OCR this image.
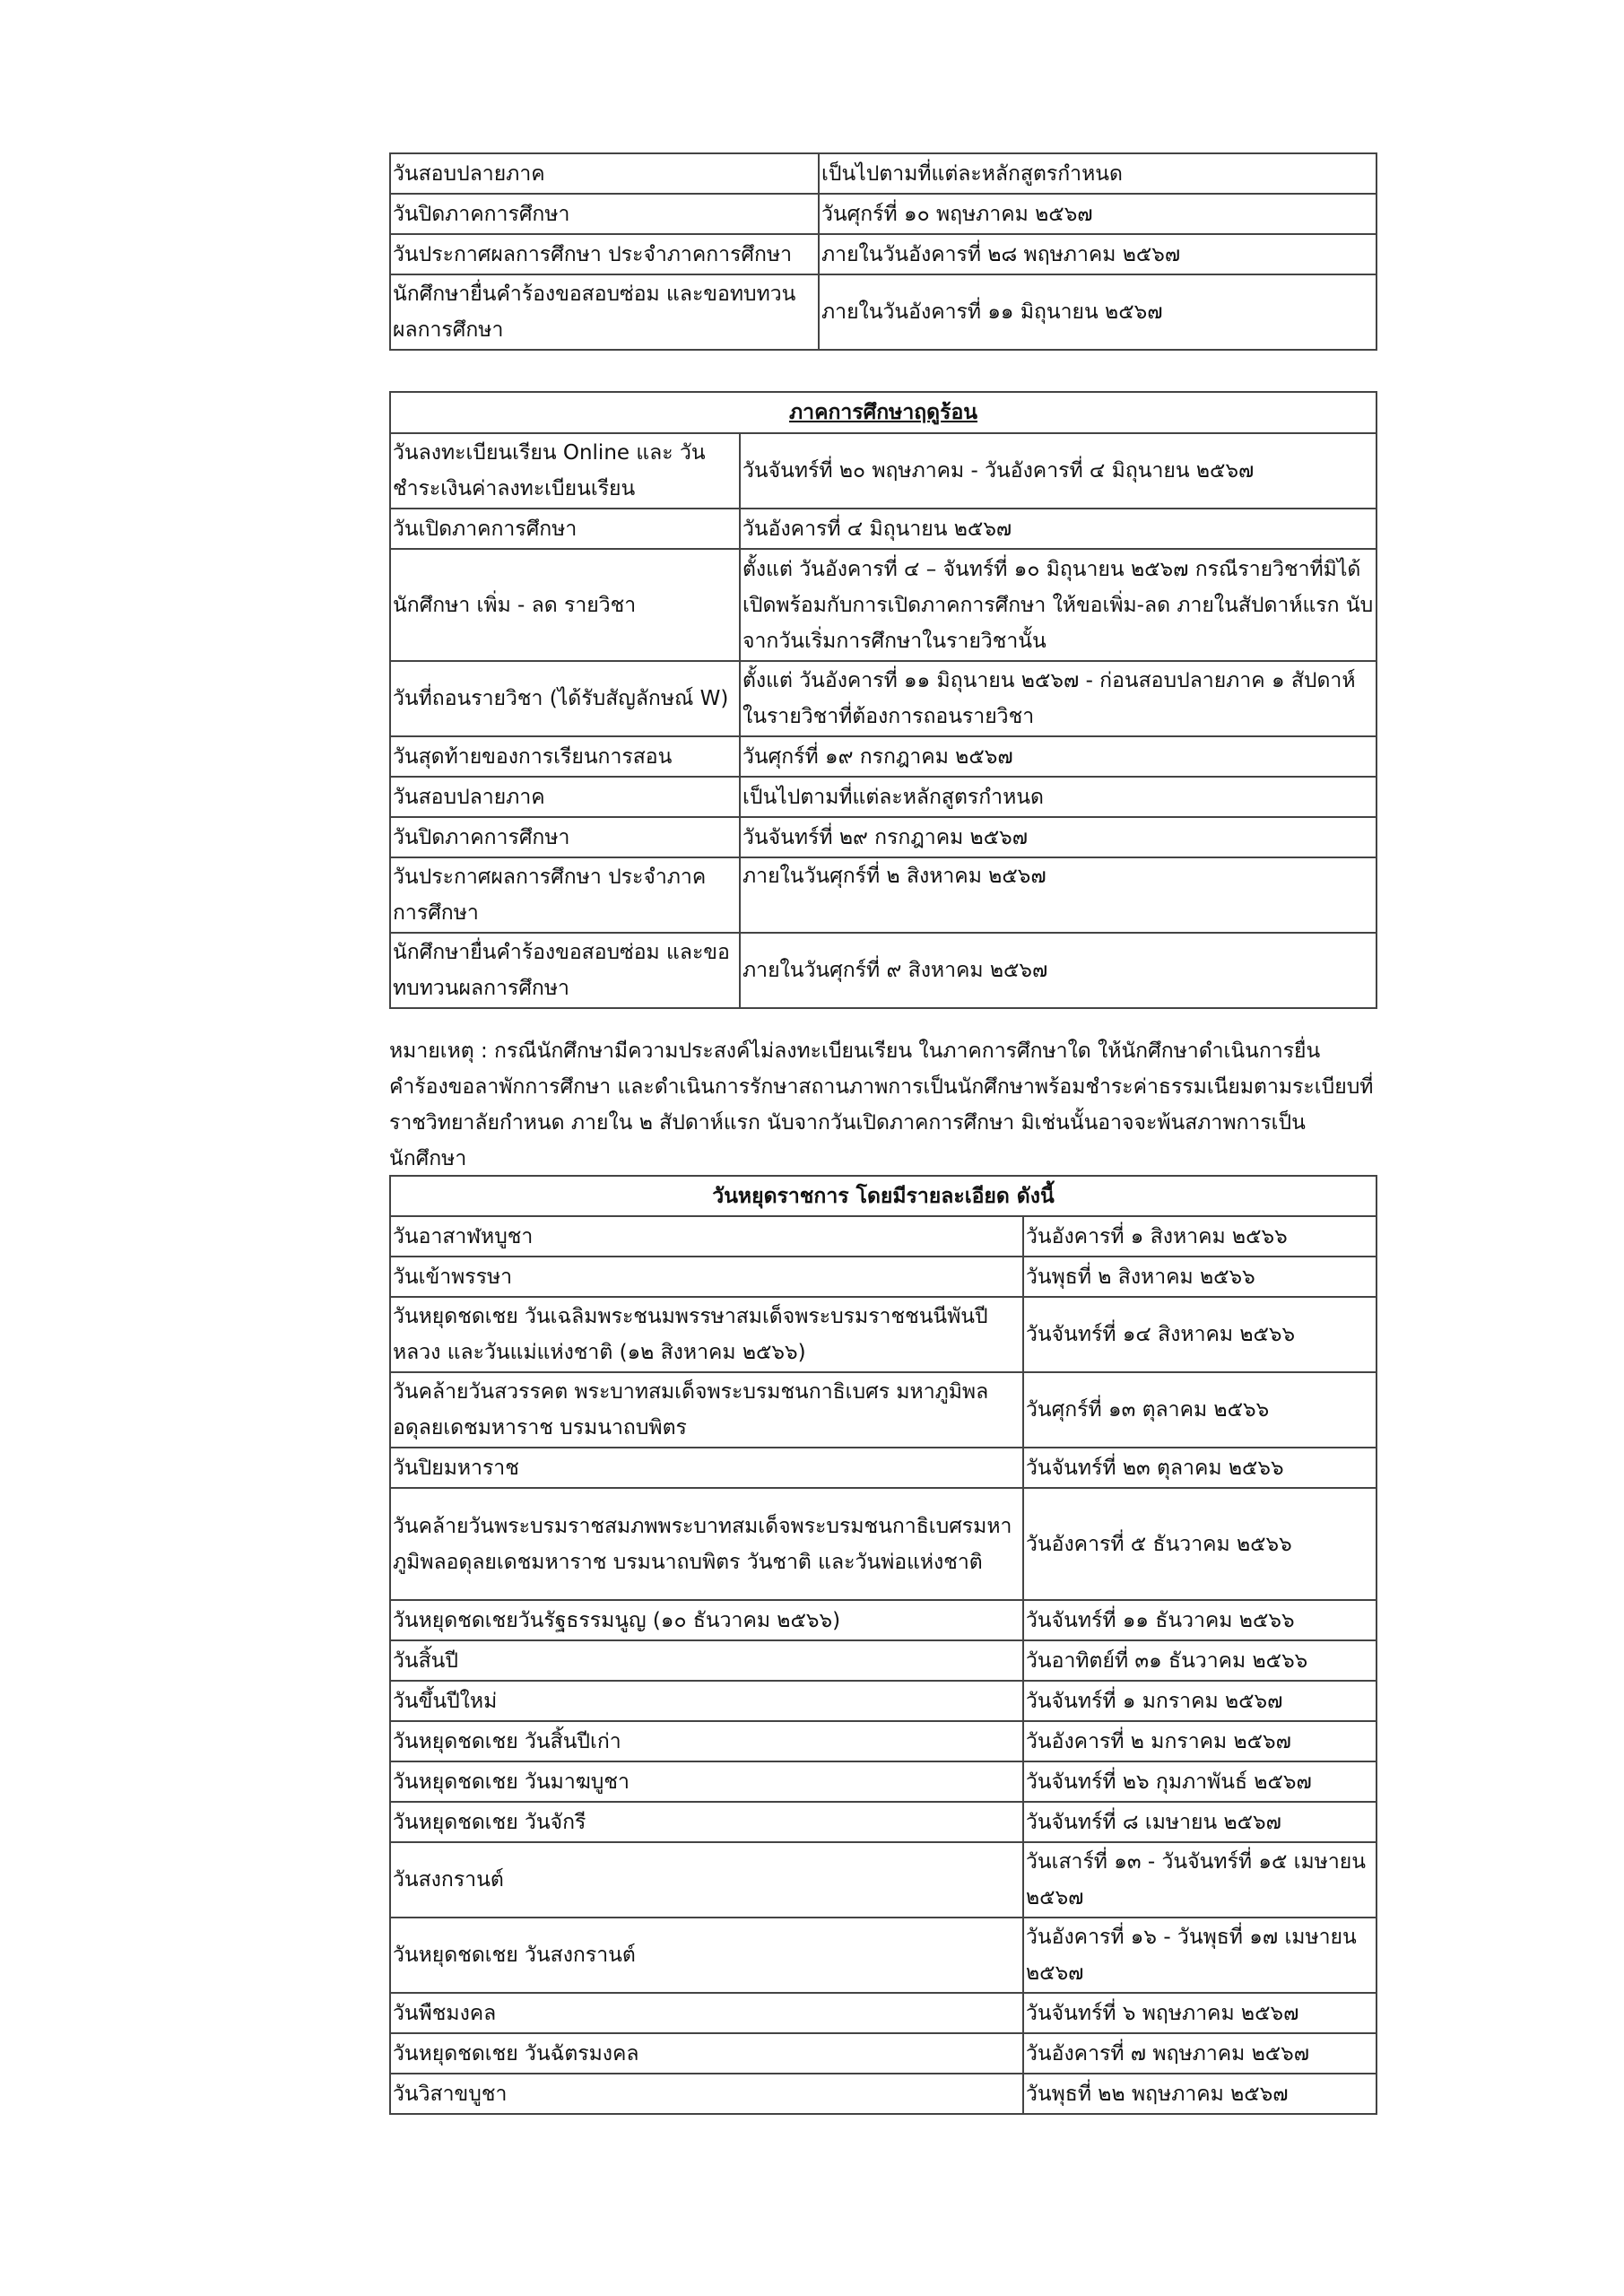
วันสอบปลายภาค	เป็นไปตามที่แต่ละหลักสูตรกำหนด
วันปิดภาคการศึกษา	วันศุกร์ที่ ๑๐ พฤษภาคม ๒๕๖๗
วันประกาศผลการศึกษา ประจำภาคการศึกษา	ภายในวันอังคารที่ ๒๘ พฤษภาคม ๒๕๖๗
นักศึกษายื่นคำร้องขอสอบซ่อม และขอทบทวนผลการศึกษา	ภายในวันอังคารที่ ๑๑ มิถุนายน ๒๕๖๗
ภาคการศึกษาฤดูร้อน	
วันลงทะเบียนเรียน Online และ วันชำระเงินค่าลงทะเบียนเรียน	วันจันทร์ที่ ๒๐ พฤษภาคม - วันอังคารที่ ๔ มิถุนายน ๒๕๖๗
วันเปิดภาคการศึกษา	วันอังคารที่ ๔ มิถุนายน ๒๕๖๗
นักศึกษา เพิ่ม - ลด รายวิชา	ตั้งแต่ วันอังคารที่ ๔ – จันทร์ที่ ๑๐ มิถุนายน ๒๕๖๗ กรณีรายวิชาที่มิได้เปิดพร้อมกับการเปิดภาคการศึกษา ให้ขอเพิ่ม-ลด ภายในสัปดาห์แรก นับจากวันเริ่มการศึกษาในรายวิชานั้น
วันที่ถอนรายวิชา (ได้รับสัญลักษณ์ W)	ตั้งแต่ วันอังคารที่ ๑๑ มิถุนายน ๒๕๖๗ - ก่อนสอบปลายภาค ๑ สัปดาห์ ในรายวิชาที่ต้องการถอนรายวิชา
วันสุดท้ายของการเรียนการสอน	วันศุกร์ที่ ๑๙ กรกฎาคม ๒๕๖๗
วันสอบปลายภาค	เป็นไปตามที่แต่ละหลักสูตรกำหนด
วันปิดภาคการศึกษา	วันจันทร์ที่ ๒๙ กรกฎาคม ๒๕๖๗
วันประกาศผลการศึกษา ประจำภาคการศึกษา	ภายในวันศุกร์ที่ ๒ สิงหาคม ๒๕๖๗
นักศึกษายื่นคำร้องขอสอบซ่อม และขอทบทวนผลการศึกษา	ภายในวันศุกร์ที่ ๙ สิงหาคม ๒๕๖๗
หมายเหตุ : กรณีนักศึกษามีความประสงค์ไม่ลงทะเบียนเรียน ในภาคการศึกษาใด ให้นักศึกษาดำเนินการยื่นคำร้องขอลาพักการศึกษา และดำเนินการรักษาสถานภาพการเป็นนักศึกษาพร้อมชำระค่าธรรมเนียมตามระเบียบที่ราชวิทยาลัยกำหนด ภายใน ๒ สัปดาห์แรก นับจากวันเปิดภาคการศึกษา มิเช่นนั้นอาจจะพ้นสภาพการเป็นนักศึกษา
วันหยุดราชการ โดยมีรายละเอียด ดังนี้	
วันอาสาฬหบูชา	วันอังคารที่ ๑ สิงหาคม ๒๕๖๖
วันเข้าพรรษา	วันพุธที่ ๒ สิงหาคม ๒๕๖๖
วันหยุดชดเชย วันเฉลิมพระชนมพรรษาสมเด็จพระบรมราชชนนีพันปีหลวง และวันแม่แห่งชาติ (๑๒ สิงหาคม ๒๕๖๖)	วันจันทร์ที่ ๑๔ สิงหาคม ๒๕๖๖
วันคล้ายวันสวรรคต พระบาทสมเด็จพระบรมชนกาธิเบศร มหาภูมิพลอดุลยเดชมหาราช บรมนาถบพิตร	วันศุกร์ที่ ๑๓ ตุลาคม ๒๕๖๖
วันปิยมหาราช	วันจันทร์ที่ ๒๓ ตุลาคม ๒๕๖๖
วันคล้ายวันพระบรมราชสมภพพระบาทสมเด็จพระบรมชนกาธิเบศรมหาภูมิพลอดุลยเดชมหาราช บรมนาถบพิตร วันชาติ และวันพ่อแห่งชาติ	วันอังคารที่ ๕ ธันวาคม ๒๕๖๖
วันหยุดชดเชยวันรัฐธรรมนูญ (๑๐ ธันวาคม ๒๕๖๖)	วันจันทร์ที่ ๑๑ ธันวาคม ๒๕๖๖
วันสิ้นปี	วันอาทิตย์ที่ ๓๑ ธันวาคม ๒๕๖๖
วันขึ้นปีใหม่	วันจันทร์ที่ ๑ มกราคม ๒๕๖๗
วันหยุดชดเชย วันสิ้นปีเก่า	วันอังคารที่ ๒ มกราคม ๒๕๖๗
วันหยุดชดเชย วันมาฆบูชา	วันจันทร์ที่ ๒๖ กุมภาพันธ์ ๒๕๖๗
วันหยุดชดเชย วันจักรี	วันจันทร์ที่ ๘ เมษายน ๒๕๖๗
วันสงกรานต์	วันเสาร์ที่ ๑๓ - วันจันทร์ที่ ๑๕ เมษายน ๒๕๖๗
วันหยุดชดเชย วันสงกรานต์	วันอังคารที่ ๑๖ - วันพุธที่ ๑๗ เมษายน ๒๕๖๗
วันพืชมงคล	วันจันทร์ที่ ๖ พฤษภาคม ๒๕๖๗
วันหยุดชดเชย วันฉัตรมงคล	วันอังคารที่ ๗ พฤษภาคม ๒๕๖๗
วันวิสาขบูชา	วันพุธที่ ๒๒ พฤษภาคม ๒๕๖๗
